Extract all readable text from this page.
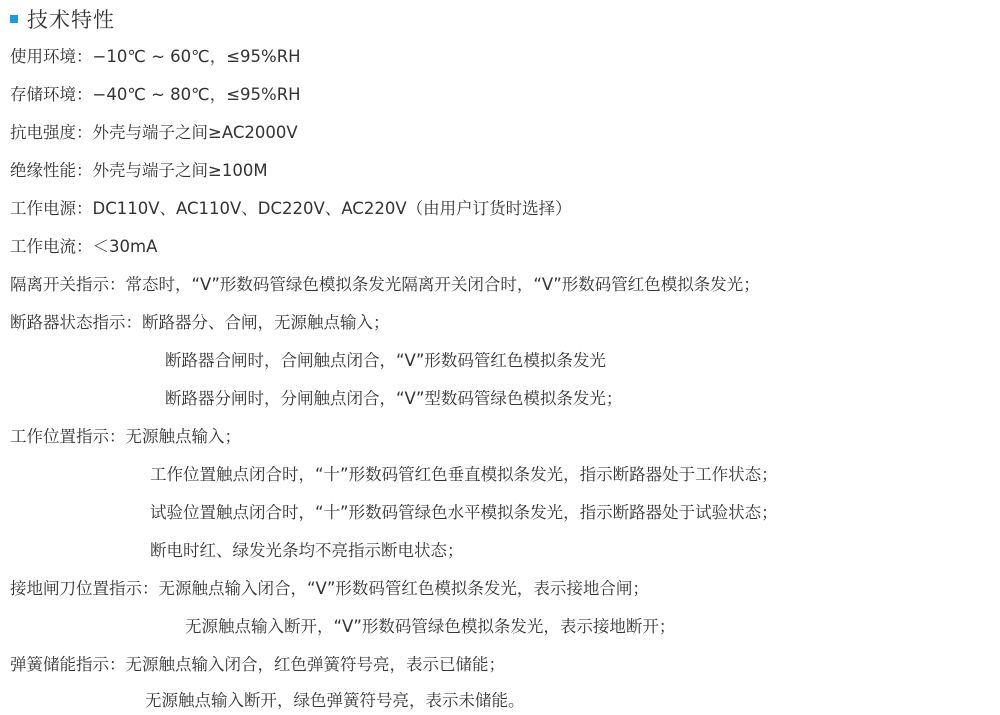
技术特性
使用环境：−10℃ ~ 60℃，≤95%RH
存储环境：−40℃ ~ 80℃，≤95%RH
抗电强度：外壳与端子之间≥AC2000V
绝缘性能：外壳与端子之间≥100M
工作电源：DC110V、AC110V、DC220V、AC220V（由用户订货时选择）
工作电流：＜30mA
隔离开关指示：常态时，“V”形数码管绿色模拟条发光隔离开关闭合时，“V”形数码管红色模拟条发光；
断路器状态指示：断路器分、合闸，无源触点输入；
断路器合闸时，合闸触点闭合，“V”形数码管红色模拟条发光
断路器分闸时，分闸触点闭合，“V”型数码管绿色模拟条发光；
工作位置指示：无源触点输入；
工作位置触点闭合时，“十”形数码管红色垂直模拟条发光，指示断路器处于工作状态；
试验位置触点闭合时，“十”形数码管绿色水平模拟条发光，指示断路器处于试验状态；
断电时红、绿发光条均不亮指示断电状态；
接地闸刀位置指示：无源触点输入闭合，“V”形数码管红色模拟条发光，表示接地合闸；
无源触点输入断开，“V”形数码管绿色模拟条发光，表示接地断开；
弹簧储能指示：无源触点输入闭合，红色弹簧符号亮，表示已储能；
无源触点输入断开，绿色弹簧符号亮，表示未储能。
